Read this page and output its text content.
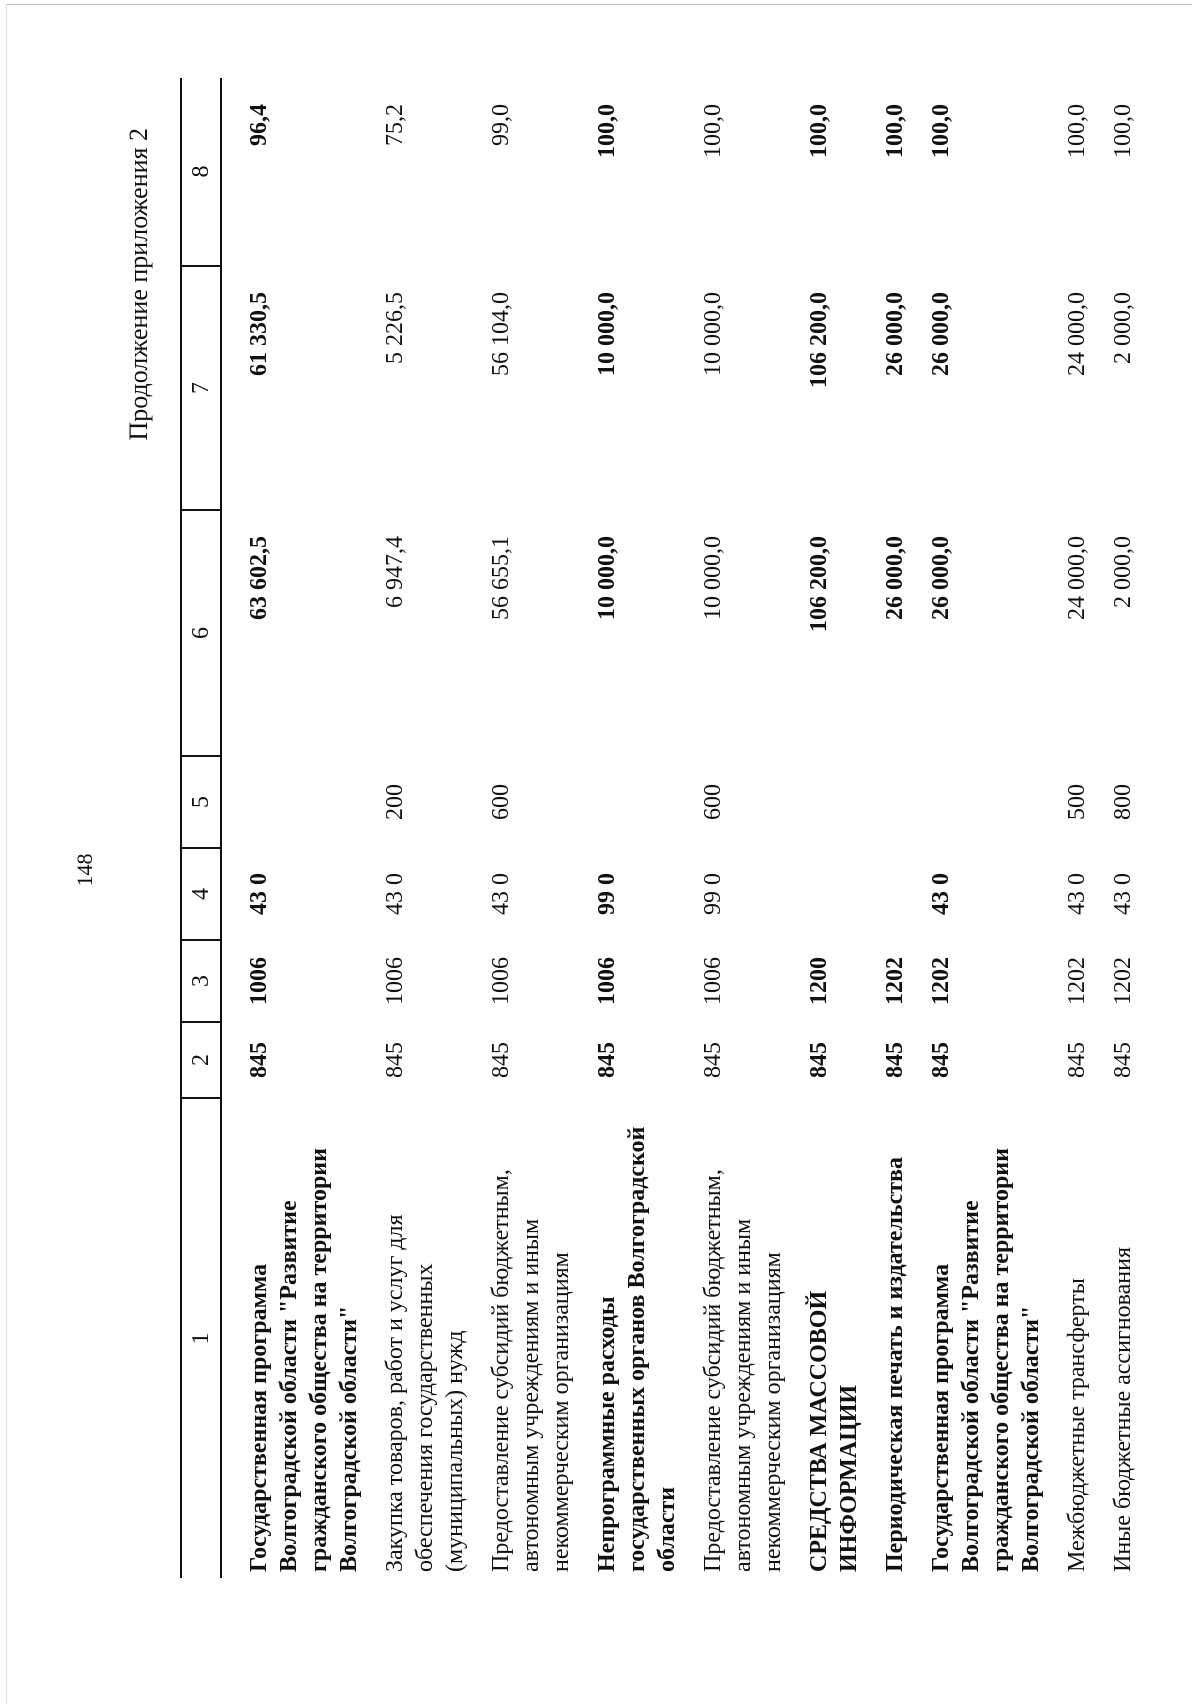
148
Продолжение приложения 2
1	2	3	4	5	6	7	8

Государственная программа Волгоградской области "Развитие гражданского общества на территории Волгоградской области"	845	1006	43 0		63 602,5	61 330,5	96,4

Закупка товаров, работ и услуг для обеспечения государственных (муниципальных) нужд	845	1006	43 0	200	6 947,4	5 226,5	75,2

Предоставление субсидий бюджетным, автономным учреждениям и иным некоммерческим организациям	845	1006	43 0	600	56 655,1	56 104,0	99,0

Непрограммные расходы государственных органов Волгоградской области	845	1006	99 0		10 000,0	10 000,0	100,0

Предоставление субсидий бюджетным, автономным учреждениям и иным некоммерческим организациям	845	1006	99 0	600	10 000,0	10 000,0	100,0

СРЕДСТВА МАССОВОЙ ИНФОРМАЦИИ	845	1200			106 200,0	106 200,0	100,0

Периодическая печать и издательства	845	1202			26 000,0	26 000,0	100,0

Государственная программа Волгоградской области "Развитие гражданского общества на территории Волгоградской области"	845	1202	43 0		26 000,0	26 000,0	100,0

Межбюджетные трансферты	845	1202	43 0	500	24 000,0	24 000,0	100,0

Иные бюджетные ассигнования	845	1202	43 0	800	2 000,0	2 000,0	100,0
